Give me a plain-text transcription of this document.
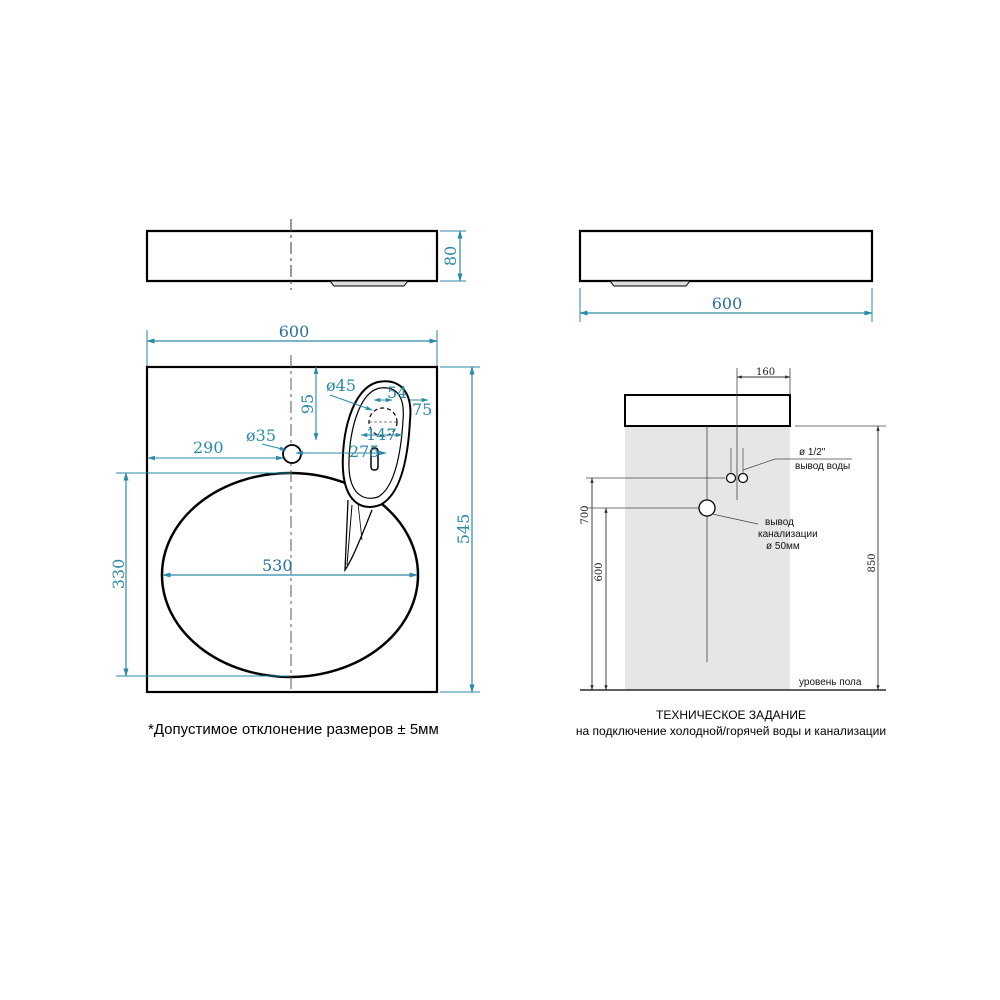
80
600
ø45 54
75
95
147
275
290
ø35
530
330
545
*Допустимое отклонение размеров ± 5мм
600
160
ø 1/2"
вывод воды
вывод
канализации
ø 50мм
700
600	850
уровень пола
ТЕХНИЧЕСКОЕ ЗАДАНИЕ
на подключение холодной/горячей воды и канализации
